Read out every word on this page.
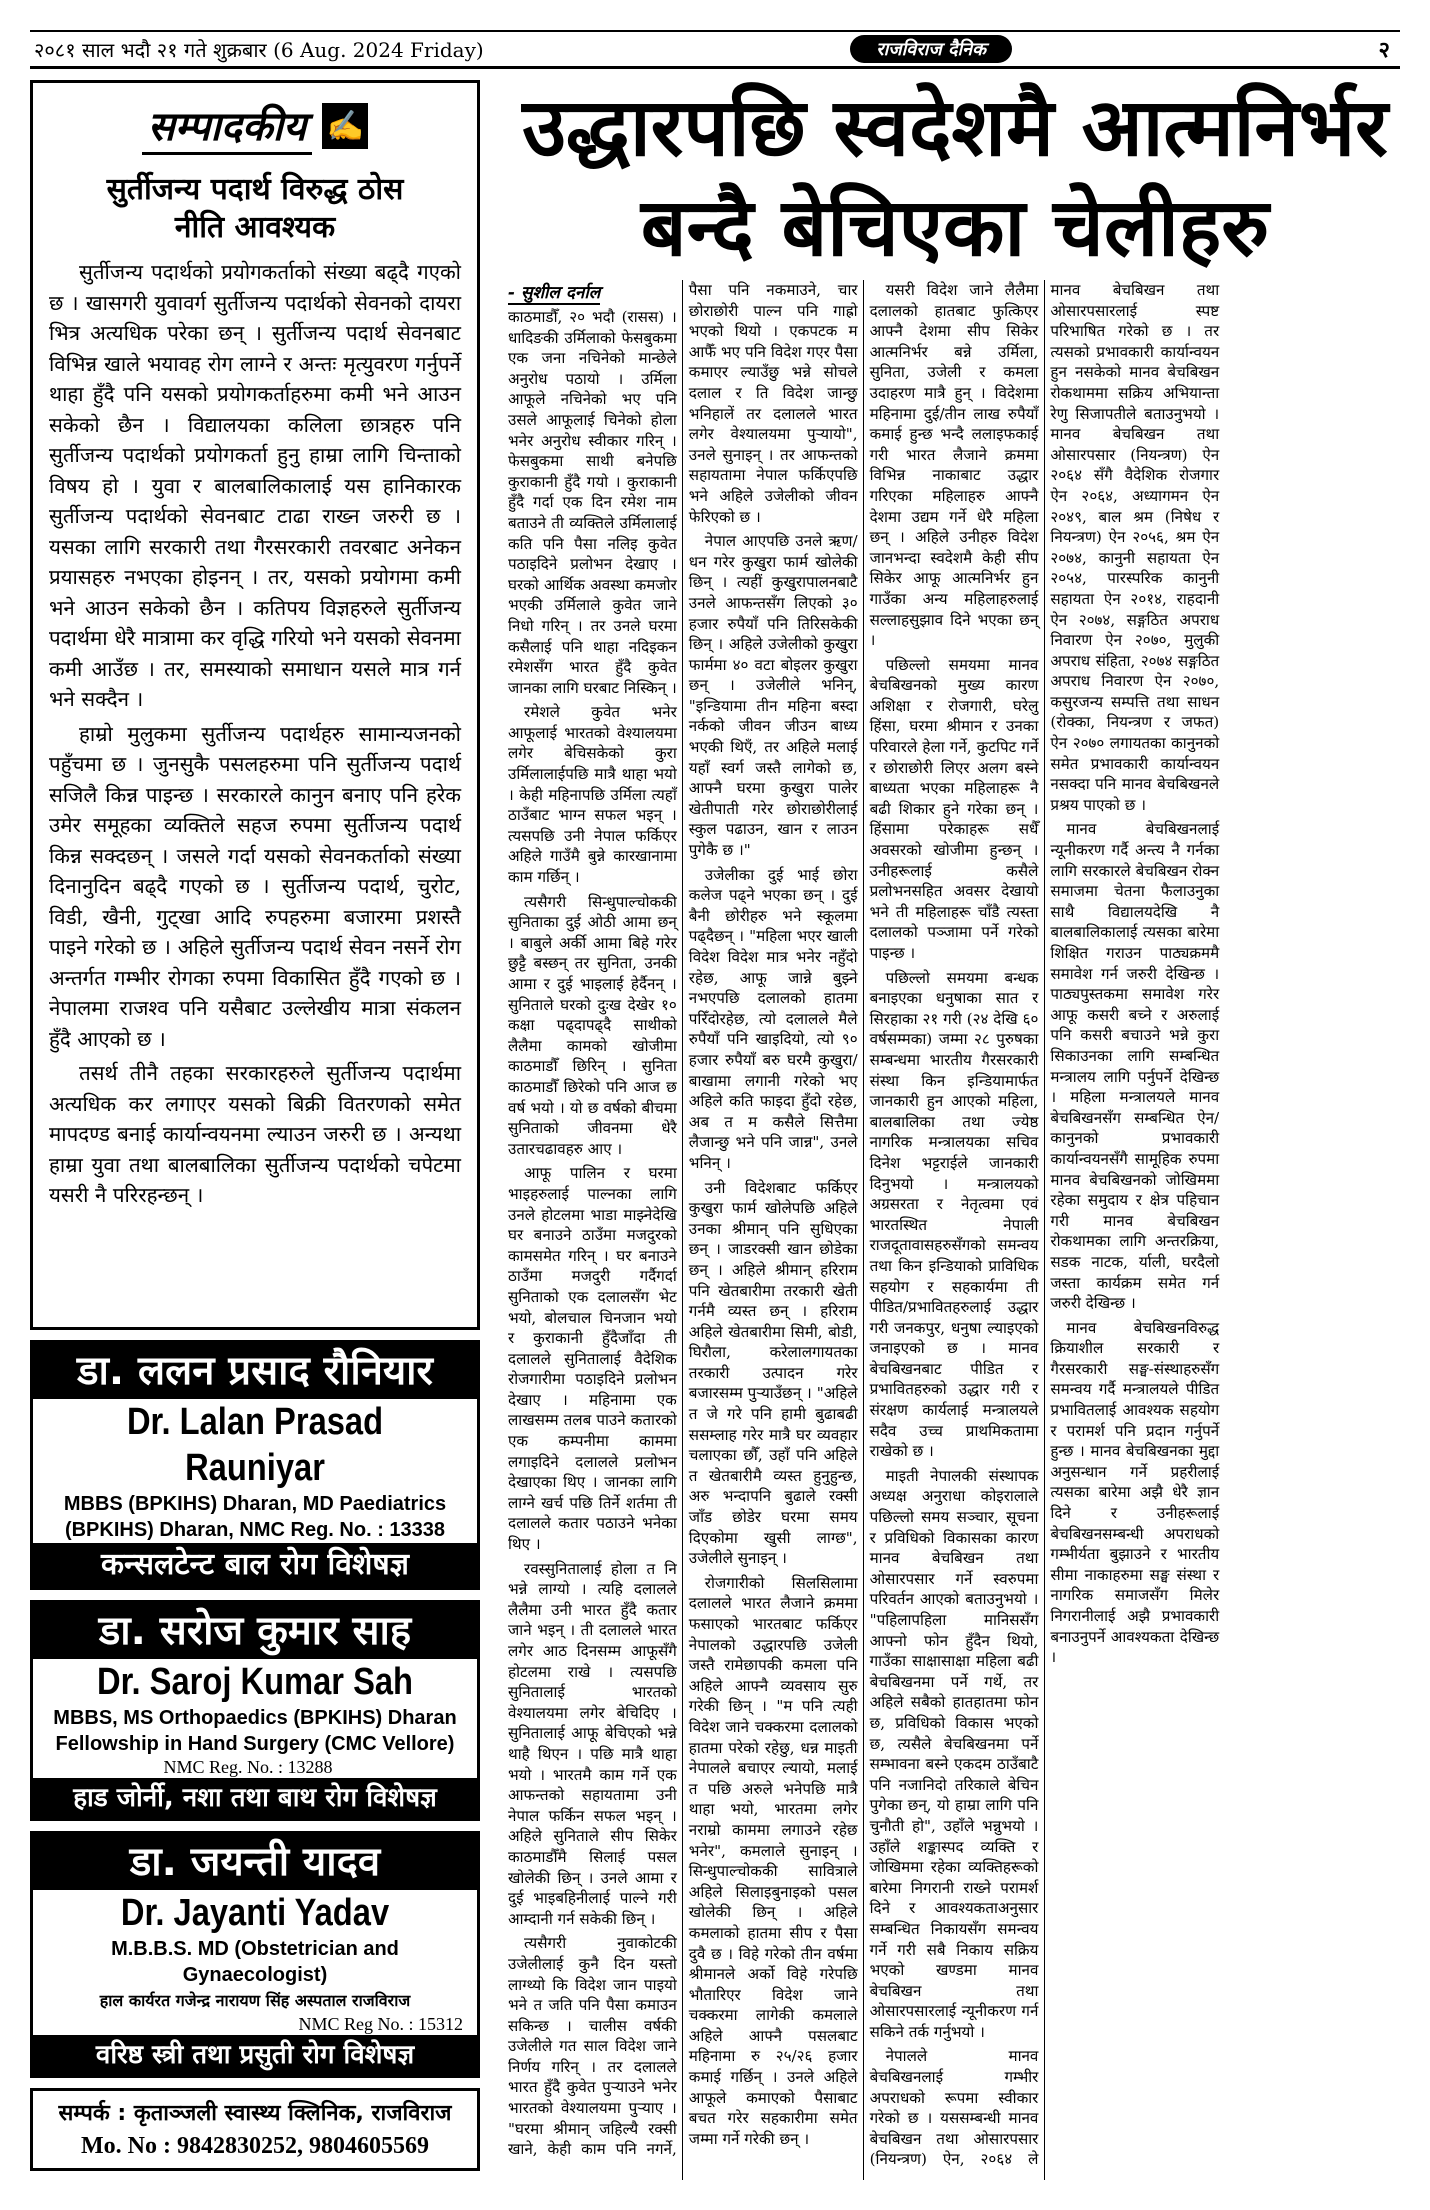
२०८१ साल भदौ २१ गते शुक्रबार (6 Aug. 2024 Friday)	राजविराज दैनिक	२
सम्पादकीय ✍
सुर्तीजन्य पदार्थ विरुद्ध ठोस
नीति आवश्यक

सुर्तीजन्य पदार्थको प्रयोगकर्ताको संख्या बढ्दै गएको छ । खासगरी युवावर्ग सुर्तीजन्य पदार्थको सेवनको दायरा भित्र अत्यधिक परेका छन् । सुर्तीजन्य पदार्थ सेवनबाट विभिन्न खाले भयावह रोग लाग्ने र अन्तः मृत्युवरण गर्नुपर्ने थाहा हुँदै पनि यसको प्रयोगकर्ताहरुमा कमी भने आउन सकेको छैन । विद्यालयका कलिला छात्रहरु पनि सुर्तीजन्य पदार्थको प्रयोगकर्ता हुनु हाम्रा लागि चिन्ताको विषय हो । युवा र बालबालिकालाई यस हानिकारक सुर्तीजन्य पदार्थको सेवनबाट टाढा राख्न जरुरी छ । यसका लागि सरकारी तथा गैरसरकारी तवरबाट अनेकन प्रयासहरु नभएका होइनन् । तर, यसको प्रयोगमा कमी भने आउन सकेको छैन । कतिपय विज्ञहरुले सुर्तीजन्य पदार्थमा धेरै मात्रामा कर वृद्धि गरियो भने यसको सेवनमा कमी आउँछ । तर, समस्याको समाधान यसले मात्र गर्न भने सक्दैन ।

हाम्रो मुलुकमा सुर्तीजन्य पदार्थहरु सामान्यजनको पहुँचमा छ । जुनसुकै पसलहरुमा पनि सुर्तीजन्य पदार्थ सजिलै किन्न पाइन्छ । सरकारले कानुन बनाए पनि हरेक उमेर समूहका व्यक्तिले सहज रुपमा सुर्तीजन्य पदार्थ किन्न सक्दछन् । जसले गर्दा यसको सेवनकर्ताको संख्या दिनानुदिन बढ्दै गएको छ । सुर्तीजन्य पदार्थ, चुरोट, विडी, खैनी, गुट्खा आदि रुपहरुमा बजारमा प्रशस्तै पाइने गरेको छ । अहिले सुर्तीजन्य पदार्थ सेवन नसर्ने रोग अन्तर्गत गम्भीर रोगका रुपमा विकासित हुँदै गएको छ । नेपालमा राजश्व पनि यसैबाट उल्लेखीय मात्रा संकलन हुँदै आएको छ ।

तसर्थ तीनै तहका सरकारहरुले सुर्तीजन्य पदार्थमा अत्यधिक कर लगाएर यसको बिक्री वितरणको समेत मापदण्ड बनाई कार्यान्वयनमा ल्याउन जरुरी छ । अन्यथा हाम्रा युवा तथा बालबालिका सुर्तीजन्य पदार्थको चपेटमा यसरी नै परिरहन्छन् ।

डा. ललन प्रसाद रौनियार
Dr. Lalan Prasad Rauniyar
MBBS (BPKIHS) Dharan, MD Paediatrics (BPKIHS) Dharan, NMC Reg. No. : 13338
कन्सलटेन्ट बाल रोग विशेषज्ञ
डा. सरोज कुमार साह
Dr. Saroj Kumar Sah
MBBS, MS Orthopaedics (BPKIHS) Dharan Fellowship in Hand Surgery (CMC Vellore)
NMC Reg. No. : 13288
हाड जोर्नी, नशा तथा बाथ रोग विशेषज्ञ
डा. जयन्ती यादव
Dr. Jayanti Yadav
M.B.B.S. MD (Obstetrician and Gynaecologist)
हाल कार्यरत गजेन्द्र नारायण सिंह अस्पताल राजविराज
NMC Reg No. : 15312
वरिष्ठ स्त्री तथा प्रसुती रोग विशेषज्ञ
सम्पर्क : कृताञ्जली स्वास्थ्य क्लिनिक, राजविराज
Mo. No : 9842830252, 9804605569
उद्धारपछि स्वदेशमै आत्मनिर्भर
बन्दै बेचिएका चेलीहरु
- सुशील दर्नाल

काठमाडौँ, २० भदौ (रासस) । धादिङकी उर्मिलाको फेसबुकमा एक जना नचिनेको मान्छेले अनुरोध पठायो । उर्मिला आफूले नचिनेको भए पनि उसले आफूलाई चिनेको होला भनेर अनुरोध स्वीकार गरिन् । फेसबुकमा साथी बनेपछि कुराकानी हुँदै गयो । कुराकानी हुँदै गर्दा एक दिन रमेश नाम बताउने ती व्यक्तिले उर्मिलालाई कति पनि पैसा नलिइ कुवेत पठाइदिने प्रलोभन देखाए । घरको आर्थिक अवस्था कमजोर भएकी उर्मिलाले कुवेत जाने निधो गरिन् । तर उनले घरमा कसैलाई पनि थाहा नदिइकन रमेशसँग भारत हुँदै कुवेत जानका लागि घरबाट निस्किन् ।

रमेशले कुवेत भनेर आफूलाई भारतको वेश्यालयमा लगेर बेचिसकेको कुरा उर्मिलालाईपछि मात्रै थाहा भयो । केही महिनापछि उर्मिला त्यहाँ ठाउँबाट भाग्न सफल भइन् । त्यसपछि उनी नेपाल फर्किएर अहिले गाउँमै बुन्ने कारखानामा काम गर्छिन् ।

त्यसैगरी सिन्धुपाल्चोककी सुनिताका दुई ओठी आमा छन् । बाबुले अर्की आमा बिहे गरेर छुट्टै बस्छन् तर सुनिता, उनकी आमा र दुई भाइलाई हेर्दैनन् । सुनिताले घरको दुःख देखेर १० कक्षा पढ्दापढ्दै साथीको लैलैमा कामको खोजीमा काठमाडौँ छिरिन् । सुनिता काठमाडौँ छिरेको पनि आज छ वर्ष भयो । यो छ वर्षको बीचमा सुनिताको जीवनमा धेरै उतारचढावहरु आए ।

आफू पालिन र घरमा भाइहरुलाई पाल्नका लागि उनले होटलमा भाडा माझ्नेदेखि घर बनाउने ठाउँमा मजदुरको कामसमेत गरिन् । घर बनाउने ठाउँमा मजदुरी गर्दैगर्दा सुनिताको एक दलालसँग भेट भयो, बोलचाल चिनजान भयो र कुराकानी हुँदैजाँदा ती दलालले सुनितालाई वैदेशिक रोजगारीमा पठाइदिने प्रलोभन देखाए । महिनामा एक लाखसम्म तलब पाउने कतारको एक कम्पनीमा काममा लगाइदिने दलालले प्रलोभन देखाएका थिए । जानका लागि लाग्ने खर्च पछि तिर्ने शर्तमा ती दलालले कतार पठाउने भनेका थिए ।

रवस्सुनितालाई होला त नि भन्ने लाग्यो । त्यहि दलालले लैलैमा उनी भारत हुँदै कतार जाने भइन् । ती दलालले भारत लगेर आठ दिनसम्म आफूसँगै होटलमा राखे । त्यसपछि सुनितालाई भारतको वेश्यालयमा लगेर बेचिदिए । सुनितालाई आफू बेचिएको भन्ने थाहै थिएन । पछि मात्रै थाहा भयो । भारतमै काम गर्ने एक आफन्तको सहायतामा उनी नेपाल फर्किन सफल भइन् । अहिले सुनिताले सीप सिकेर काठमाडौँमै सिलाई पसल खोलेकी छिन् । उनले आमा र दुई भाइबहिनीलाई पाल्ने गरी आम्दानी गर्न सकेकी छिन् ।

त्यसैगरी नुवाकोटकी उजेलीलाई कुनै दिन यस्तो लाग्थ्यो कि विदेश जान पाइयो भने त जति पनि पैसा कमाउन सकिन्छ । चालीस वर्षकी उजेलीले गत साल विदेश जाने निर्णय गरिन् । तर दलालले भारत हुँदै कुवेत पुऱ्याउने भनेर भारतको वेश्यालयमा पुऱ्याए । "घरमा श्रीमान् जहिल्यै रक्सी खाने, केही काम पनि नगर्ने, पैसा पनि नकमाउने, चार छोराछोरी पाल्न पनि गाह्रो भएको थियो । एकपटक म आफैँ भए पनि विदेश गएर पैसा कमाएर ल्याउँछु भन्ने सोचले दलाल र ति विदेश जान्छु भनिहालें तर दलालले भारत लगेर वेश्यालयमा पुऱ्यायो", उनले सुनाइन् । तर आफन्तको सहायतामा नेपाल फर्किएपछि भने अहिले उजेलीको जीवन फेरिएको छ ।

नेपाल आएपछि उनले ऋण/धन गरेर कुखुरा फार्म खोलेकी छिन् । त्यहीं कुखुरापालनबाटै उनले आफन्तसँग लिएको ३० हजार रुपैयाँ पनि तिरिसकेकी छिन् । अहिले उजेलीको कुखुरा फार्ममा ४० वटा बोइलर कुखुरा छन् । उजेलीले भनिन्, "इन्डियामा तीन महिना बस्दा नर्कको जीवन जीउन बाध्य भएकी थिएँ, तर अहिले मलाई यहाँ स्वर्ग जस्तै लागेको छ, आफ्नै घरमा कुखुरा पालेर खेतीपाती गरेर छोराछोरीलाई स्कुल पढाउन, खान र लाउन पुगेकै छ ।"

उजेलीका दुई भाई छोरा कलेज पढ्ने भएका छन् । दुई बैनी छोरीहरु भने स्कूलमा पढ्दैछन् । "महिला भएर खाली विदेश विदेश मात्र भनेर नहुँदो रहेछ, आफू जान्ने बुझ्ने नभएपछि दलालको हातमा परिँदोरहेछ, त्यो दलालले मैले रुपैयाँ पनि खाइदियो, त्यो ९० हजार रुपैयाँ बरु घरमै कुखुरा/बाखामा लगानी गरेको भए अहिले कति फाइदा हुँदो रहेछ, अब त म कसैले सित्तैमा लैजान्छु भने पनि जान्न", उनले भनिन् ।

उनी विदेशबाट फर्किएर कुखुरा फार्म खोलेपछि अहिले उनका श्रीमान् पनि सुधिएका छन् । जाडरक्सी खान छोडेका छन् । अहिले श्रीमान् हरिराम पनि खेतबारीमा तरकारी खेती गर्नमै व्यस्त छन् । हरिराम अहिले खेतबारीमा सिमी, बोडी, घिरौला, करेलालगायतका तरकारी उत्पादन गरेर बजारसम्म पुऱ्याउँछन् । "अहिले त जे गरे पनि हामी बुढाबढी ससम्लाह गरेर मात्रै घर व्यवहार चलाएका छौँ, उहाँ पनि अहिले त खेतबारीमै व्यस्त हुनुहुन्छ, अरु भन्दापनि बुढाले रक्सी जाँड छोडेर घरमा समय दिएकोमा खुसी लाग्छ", उजेलीले सुनाइन् ।

रोजगारीको सिलसिलामा दलालले भारत लैजाने क्रममा फसाएको भारतबाट फर्किएर नेपालको उद्धारपछि उजेली जस्तै रामेछापकी कमला पनि अहिले आफ्नै व्यवसाय सुरु गरेकी छिन् । "म पनि त्यही विदेश जाने चक्करमा दलालको हातमा परेको रहेछु, धन्न माइती नेपालले बचाएर ल्यायो, मलाई त पछि अरुले भनेपछि मात्रै थाहा भयो, भारतमा लगेर नराम्रो काममा लगाउने रहेछ भनेर", कमलाले सुनाइन् । सिन्धुपाल्चोककी सावित्राले अहिले सिलाइबुनाइको पसल खोलेकी छिन् । अहिले कमलाको हातमा सीप र पैसा दुवै छ । विहे गरेको तीन वर्षमा श्रीमानले अर्को विहे गरेपछि भौतारिएर विदेश जाने चक्करमा लागेकी कमलाले अहिले आफ्नै पसलबाट महिनामा रु २५/२६ हजार कमाई गर्छिन् । उनले अहिले आफूले कमाएको पैसाबाट बचत गरेर सहकारीमा समेत जम्मा गर्ने गरेकी छन् ।

यसरी विदेश जाने लैलैमा दलालको हातबाट फुत्किएर आफ्नै देशमा सीप सिकेर आत्मनिर्भर बन्ने उर्मिला, सुनिता, उजेली र कमला उदाहरण मात्रै हुन् । विदेशमा महिनामा दुई/तीन लाख रुपैयाँ कमाई हुन्छ भन्दै ललाइफकाई गरी भारत लैजाने क्रममा विभिन्न नाकाबाट उद्धार गरिएका महिलाहरु आफ्नै देशमा उद्यम गर्ने धेरै महिला छन् । अहिले उनीहरु विदेश जानभन्दा स्वदेशमै केही सीप सिकेर आफू आत्मनिर्भर हुन गाउँका अन्य महिलाहरुलाई सल्लाहसुझाव दिने भएका छन् ।

पछिल्लो समयमा मानव बेचबिखनको मुख्य कारण अशिक्षा र रोजगारी, घरेलु हिंसा, घरमा श्रीमान र उनका परिवारले हेला गर्ने, कुटपिट गर्ने र छोराछोरी लिएर अलग बस्ने बाध्यता भएका महिलाहरू नै बढी शिकार हुने गरेका छन् । हिंसामा परेकाहरू सधैँ अवसरको खोजीमा हुन्छन् । उनीहरूलाई कसैले प्रलोभनसहित अवसर देखायो भने ती महिलाहरू चाँडै त्यस्ता दलालको पञ्जामा पर्ने गरेको पाइन्छ ।

पछिल्लो समयमा बन्धक बनाइएका धनुषाका सात र सिरहाका २१ गरी (२४ देखि ६० वर्षसम्मका) जम्मा २८ पुरुषका सम्बन्धमा भारतीय गैरसरकारी संस्था किन इन्डियामार्फत जानकारी हुन आएको महिला, बालबालिका तथा ज्येष्ठ नागरिक मन्त्रालयका सचिव दिनेश भट्टराईले जानकारी दिनुभयो । मन्त्रालयको अग्रसरता र नेतृत्वमा एवं भारतस्थित नेपाली राजदूतावासहरुसँगको समन्वय तथा किन इन्डियाको प्राविधिक सहयोग र सहकार्यमा ती पीडित/प्रभावितहरुलाई उद्धार गरी जनकपुर, धनुषा ल्याइएको जनाइएको छ । मानव बेचबिखनबाट पीडित र प्रभावितहरुको उद्धार गरी र संरक्षण कार्यलाई मन्त्रालयले सदैव उच्च प्राथमिकतामा राखेको छ ।

माइती नेपालकी संस्थापक अध्यक्ष अनुराधा कोइरालाले पछिल्लो समय सञ्चार, सूचना र प्रविधिको विकासका कारण मानव बेचबिखन तथा ओसारपसार गर्ने स्वरुपमा परिवर्तन आएको बताउनुभयो । "पहिलापहिला मानिससँग आफ्नो फोन हुँदैन थियो, गाउँका साक्षासाक्षा महिला बढी बेचबिखनमा पर्ने गर्थे, तर अहिले सबैको हातहातमा फोन छ, प्रविधिको विकास भएको छ, त्यसैले बेचबिखनमा पर्ने सम्भावना बस्ने एकदम ठाउँबाटै पनि नजानिदो तरिकाले बेचिन पुगेका छन्, यो हाम्रा लागि पनि चुनौती हो", उहाँले भन्नुभयो । उहाँले शङ्कास्पद व्यक्ति र जोखिममा रहेका व्यक्तिहरूको बारेमा निगरानी राख्ने परामर्श दिने र आवश्यकताअनुसार सम्बन्धित निकायसँग समन्वय गर्ने गरी सबै निकाय सक्रिय भएको खण्डमा मानव बेचबिखन तथा ओसारपसारलाई न्यूनीकरण गर्न सकिने तर्क गर्नुभयो ।

नेपालले मानव बेचबिखनलाई गम्भीर अपराधको रूपमा स्वीकार गरेको छ । यससम्बन्धी मानव बेचबिखन तथा ओसारपसार (नियन्त्रण) ऐन, २०६४ ले मानव बेचबिखन तथा ओसारपसारलाई स्पष्ट परिभाषित गरेको छ । तर त्यसको प्रभावकारी कार्यान्वयन हुन नसकेको मानव बेचबिखन रोकथाममा सक्रिय अभियान्ता रेणु सिजापतीले बताउनुभयो । मानव बेचबिखन तथा ओसारपसार (नियन्त्रण) ऐन २०६४ सँगै वैदेशिक रोजगार ऐन २०६४, अध्यागमन ऐन २०४९, बाल श्रम (निषेध र नियन्त्रण) ऐन २०५६, श्रम ऐन २०७४, कानुनी सहायता ऐन २०५४, पारस्परिक कानुनी सहायता ऐन २०१४, राहदानी ऐन २०७४, सङ्गठित अपराध निवारण ऐन २०७०, मुलुकी अपराध संहिता, २०७४ सङ्गठित अपराध निवारण ऐन २०७०, कसुरजन्य सम्पत्ति तथा साधन (रोक्का, नियन्त्रण र जफत) ऐन २०७० लगायतका कानुनको समेत प्रभावकारी कार्यान्वयन नसक्दा पनि मानव बेचबिखनले प्रश्रय पाएको छ ।

मानव बेचबिखनलाई न्यूनीकरण गर्दै अन्त्य नै गर्नका लागि सरकारले बेचबिखन रोक्न समाजमा चेतना फैलाउनुका साथै विद्यालयदेखि नै बालबालिकालाई त्यसका बारेमा शिक्षित गराउन पाठ्यक्रममै समावेश गर्न जरुरी देखिन्छ । पाठ्यपुस्तकमा समावेश गरेर आफू कसरी बच्ने र अरुलाई पनि कसरी बचाउने भन्ने कुरा सिकाउनका लागि सम्बन्धित मन्त्रालय लागि पर्नुपर्ने देखिन्छ । महिला मन्त्रालयले मानव बेचबिखनसँग सम्बन्धित ऐन/कानुनको प्रभावकारी कार्यान्वयनसँगै सामूहिक रुपमा मानव बेचबिखनको जोखिममा रहेका समुदाय र क्षेत्र पहिचान गरी मानव बेचबिखन रोकथामका लागि अन्तरक्रिया, सडक नाटक, र्याली, घरदैलो जस्ता कार्यक्रम समेत गर्न जरुरी देखिन्छ ।

मानव बेचबिखनविरुद्ध क्रियाशील सरकारी र गैरसरकारी सङ्घ-संस्थाहरुसँग समन्वय गर्दै मन्त्रालयले पीडित प्रभावितलाई आवश्यक सहयोग र परामर्श पनि प्रदान गर्नुपर्ने हुन्छ । मानव बेचबिखनका मुद्दा अनुसन्धान गर्ने प्रहरीलाई त्यसका बारेमा अझै धेरै ज्ञान दिने र उनीहरूलाई बेचबिखनसम्बन्धी अपराधको गम्भीर्यता बुझाउने र भारतीय सीमा नाकाहरुमा सङ्घ संस्था र नागरिक समाजसँग मिलेर निगरानीलाई अझै प्रभावकारी बनाउनुपर्ने आवश्यकता देखिन्छ ।
